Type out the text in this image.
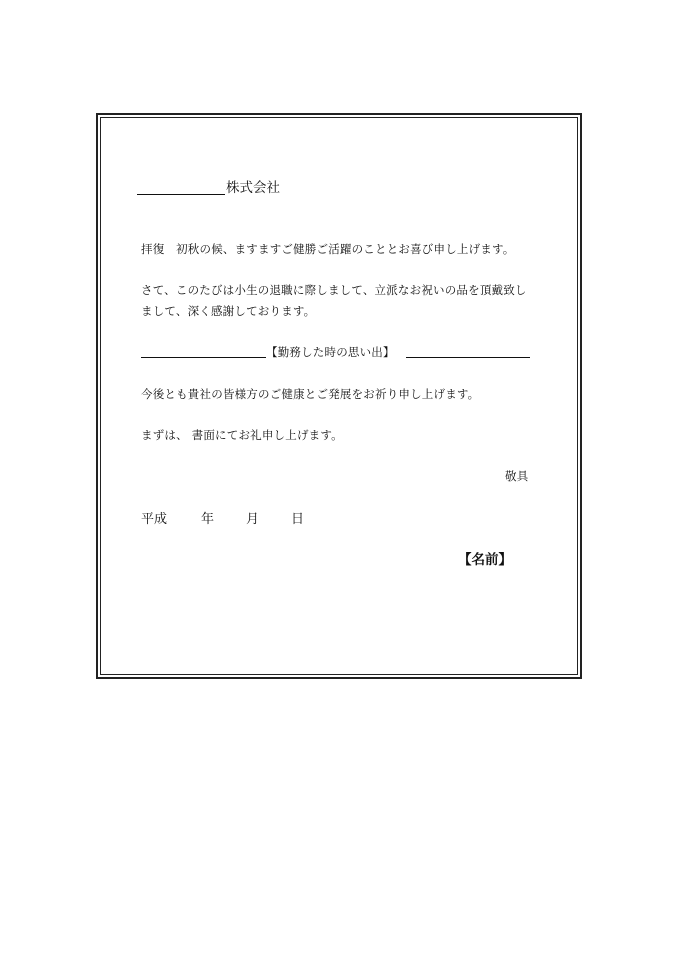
株式会社
拝復　初秋の候、ますますご健勝ご活躍のこととお喜び申し上げます。
さて、このたびは小生の退職に際しまして、立派なお祝いの品を頂戴致し
まして、深く感謝しております。
【勤務した時の思い出】
今後とも貴社の皆様方のご健康とご発展をお祈り申し上げます。
まずは、 書面にてお礼申し上げます。
敬具
平成	年 月 日
【名前】
